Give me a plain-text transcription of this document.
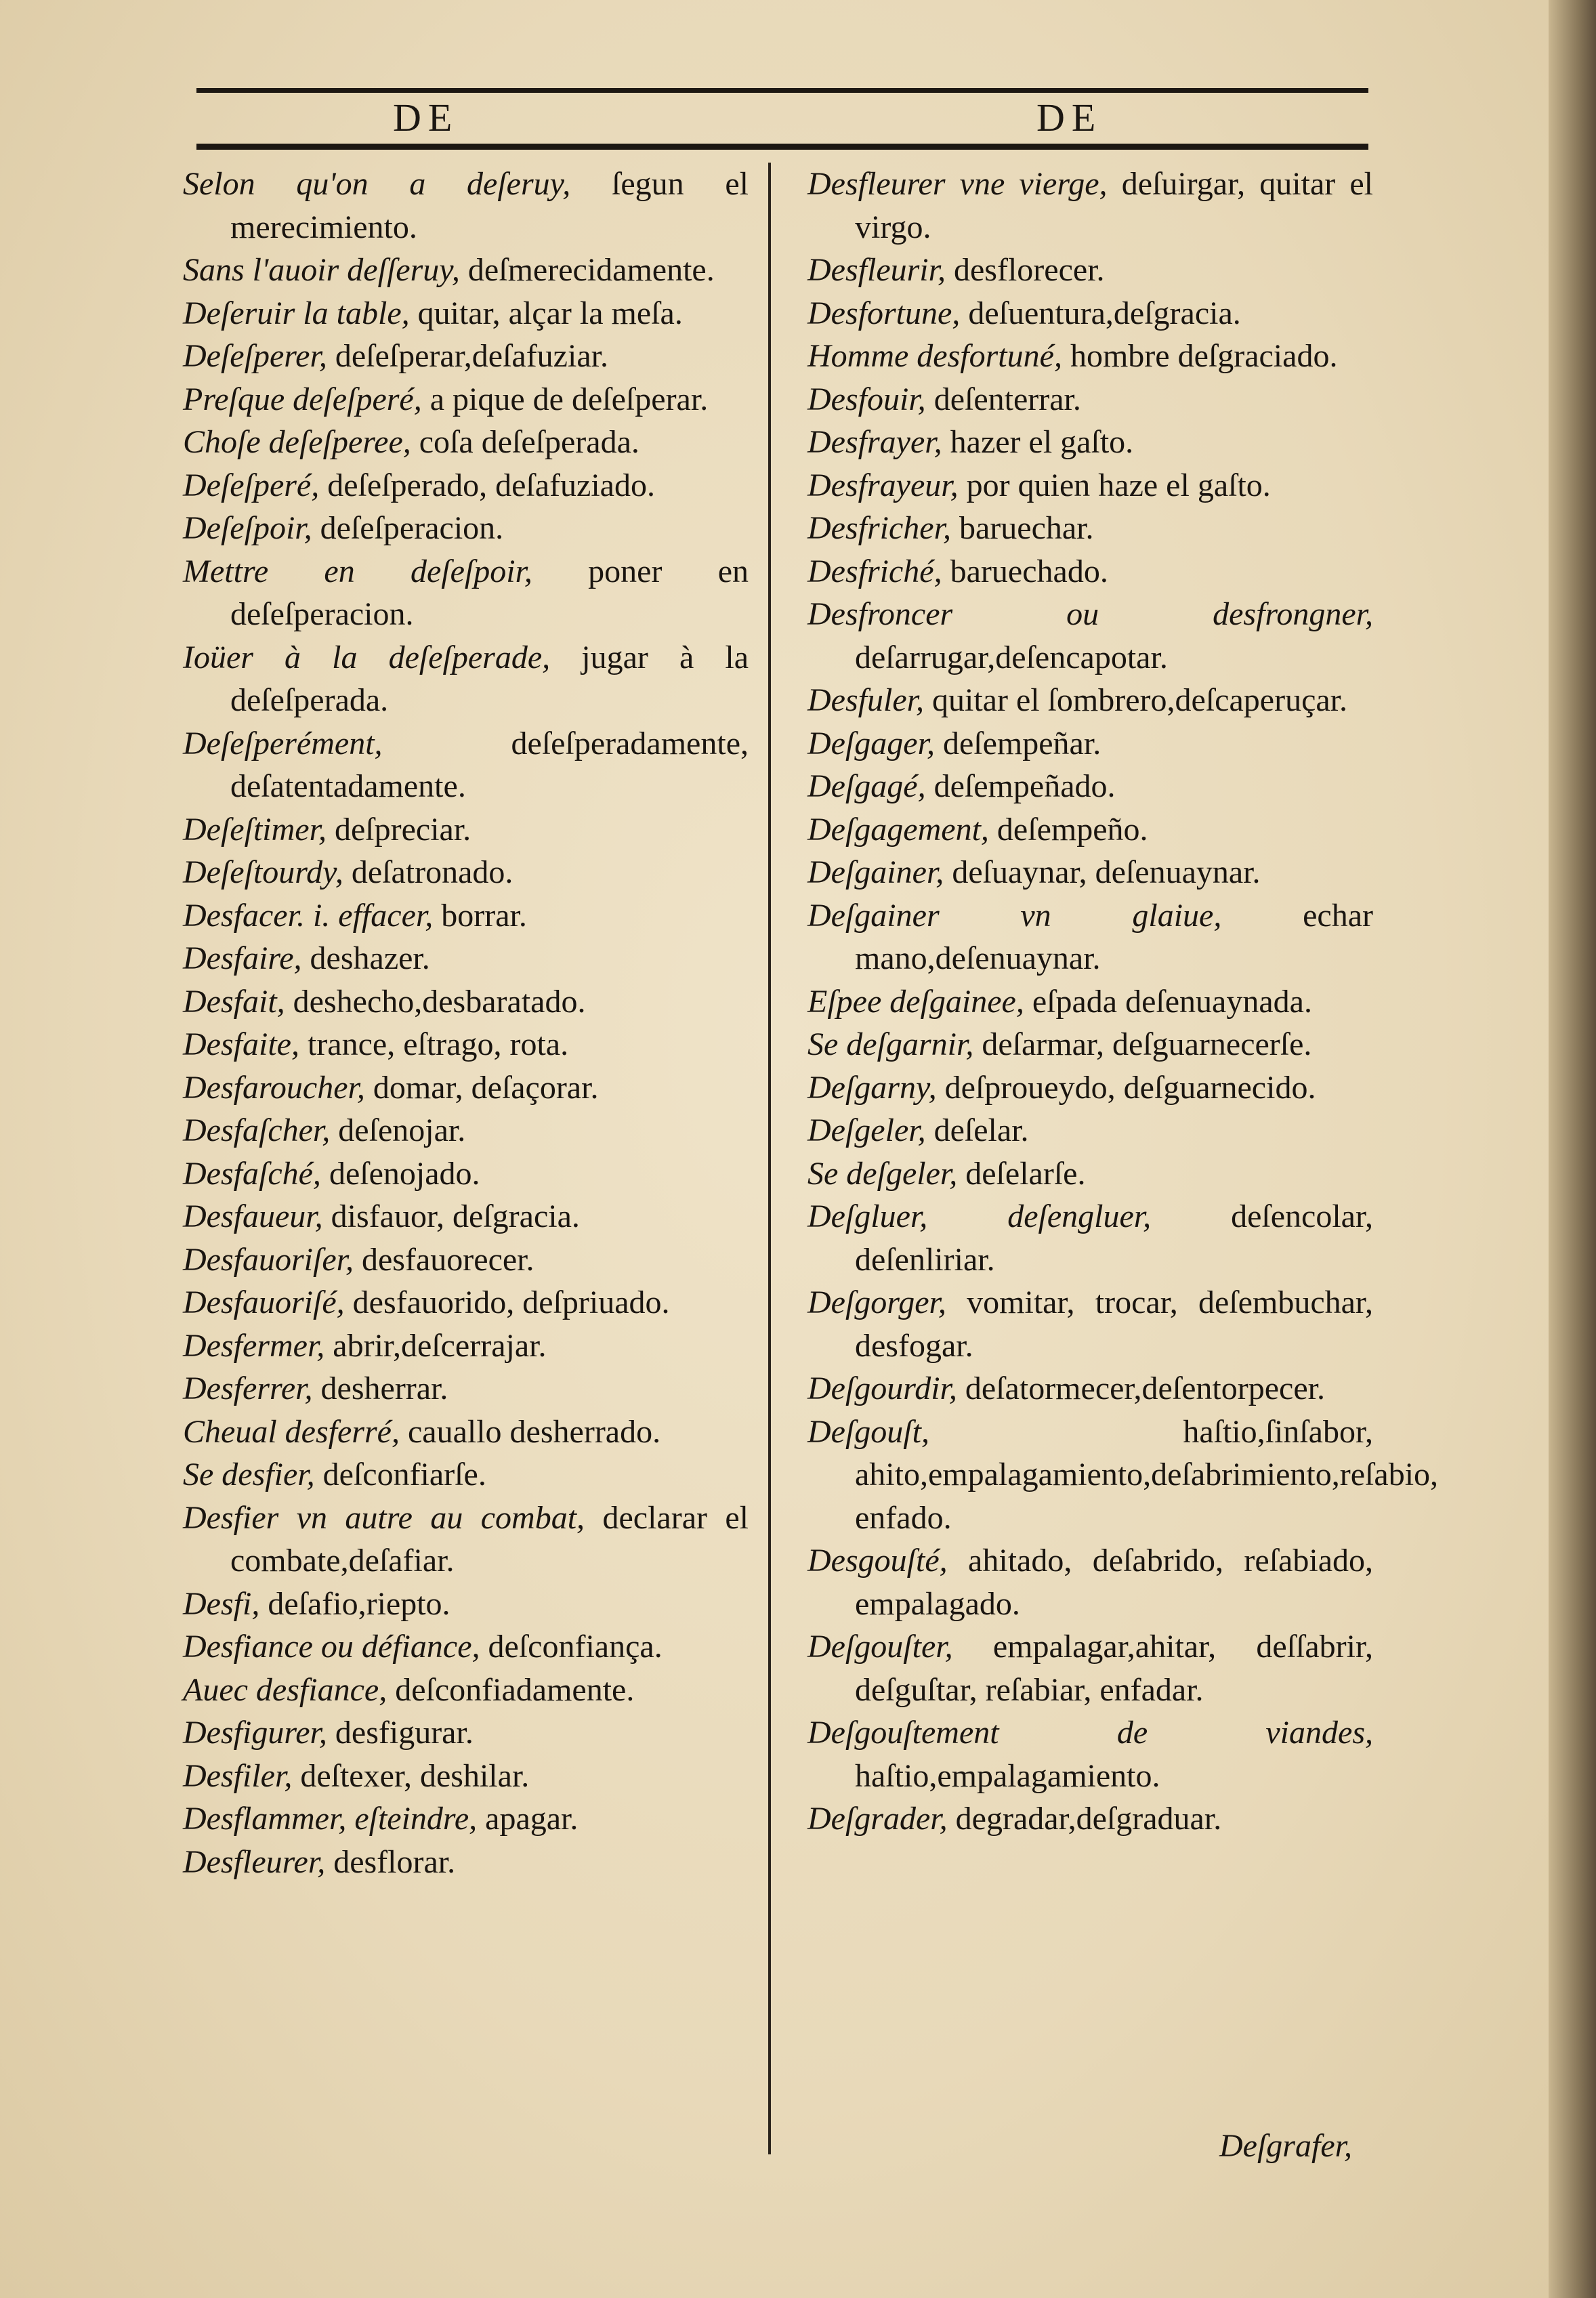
DE	DE

Selon qu'on a deſeruy, ſegun el merecimiento.

Sans l'auoir deſſeruy, deſmerecidamente.

Deſeruir la table, quitar, alçar la meſa.

Deſeſperer, deſeſperar,deſafuziar.

Preſque deſeſperé, a pique de deſeſperar.

Choſe deſeſperee, coſa deſeſperada.

Deſeſperé, deſeſperado, deſafuziado.

Deſeſpoir, deſeſperacion.

Mettre en deſeſpoir, poner en deſeſperacion.

Ioüer à la deſeſperade, jugar à la deſeſperada.

Deſeſperément,	deſeſperadamente, deſatentadamente.

Deſeſtimer, deſpreciar.

Deſeſtourdy, deſatronado.

Desfacer. i. effacer, borrar.

Desfaire, deshazer.

Desfait, deshecho,desbaratado.

Desfaite, trance, eſtrago, rota.

Desfaroucher, domar, deſaçorar.

Desfaſcher, deſenojar.

Desfaſché, deſenojado.

Desfaueur, disfauor, deſgracia.

Desfauoriſer, desfauorecer.

Desfauoriſé, desfauorido, deſpriuado.

Desfermer, abrir,deſcerrajar.

Desferrer, desherrar.

Cheual desferré, cauallo desherrado.

Se desfier, deſconfiarſe.

Desfier vn autre au combat, declarar el combate,deſafiar.

Desfi, deſafio,riepto.

Desfiance ou défiance, deſconfiança.

Auec desfiance, deſconfiadamente.

Desfigurer, desfigurar.

Desfiler, deſtexer, deshilar.

Desflammer, eſteindre, apagar.

Desfleurer, desflorar.

Desfleurer vne vierge, deſuirgar, quitar el virgo.

Desfleurir, desflorecer.

Desfortune, deſuentura,deſgracia.

Homme desfortuné, hombre deſgraciado.

Desfouir, deſenterrar.

Desfrayer, hazer el gaſto.

Desfrayeur, por quien haze el gaſto.

Desfricher, baruechar.

Desfriché, baruechado.

Desfroncer ou desfrongner, deſarrugar,deſencapotar.

Desfuler, quitar el ſombrero,deſcaperuçar.

Deſgager, deſempeñar.

Deſgagé, deſempeñado.

Deſgagement, deſempeño.

Deſgainer, deſuaynar, deſenuaynar.

Deſgainer vn glaiue, echar mano,deſenuaynar.

Eſpee deſgainee, eſpada deſenuaynada.

Se deſgarnir, deſarmar, deſguarnecerſe.

Deſgarny, deſproueydo, deſguarnecido.

Deſgeler, deſelar.

Se deſgeler, deſelarſe.

Deſgluer, deſengluer, deſencolar, deſenliriar.

Deſgorger, vomitar, trocar, deſembuchar, desfogar.

Deſgourdir, deſatormecer,deſentorpecer.

Deſgouſt,	haſtio,ſinſabor, ahito,empalagamiento,deſabrimiento,reſabio, enfado.

Desgouſté, ahitado, deſabrido, reſabiado, empalagado.

Deſgouſter, empalagar,ahitar, deſſabrir, deſguſtar, reſabiar, enfadar.

Deſgouſtement de viandes, haſtio,empalagamiento.

Deſgrader, degradar,deſgraduar.

Deſgrafer,
